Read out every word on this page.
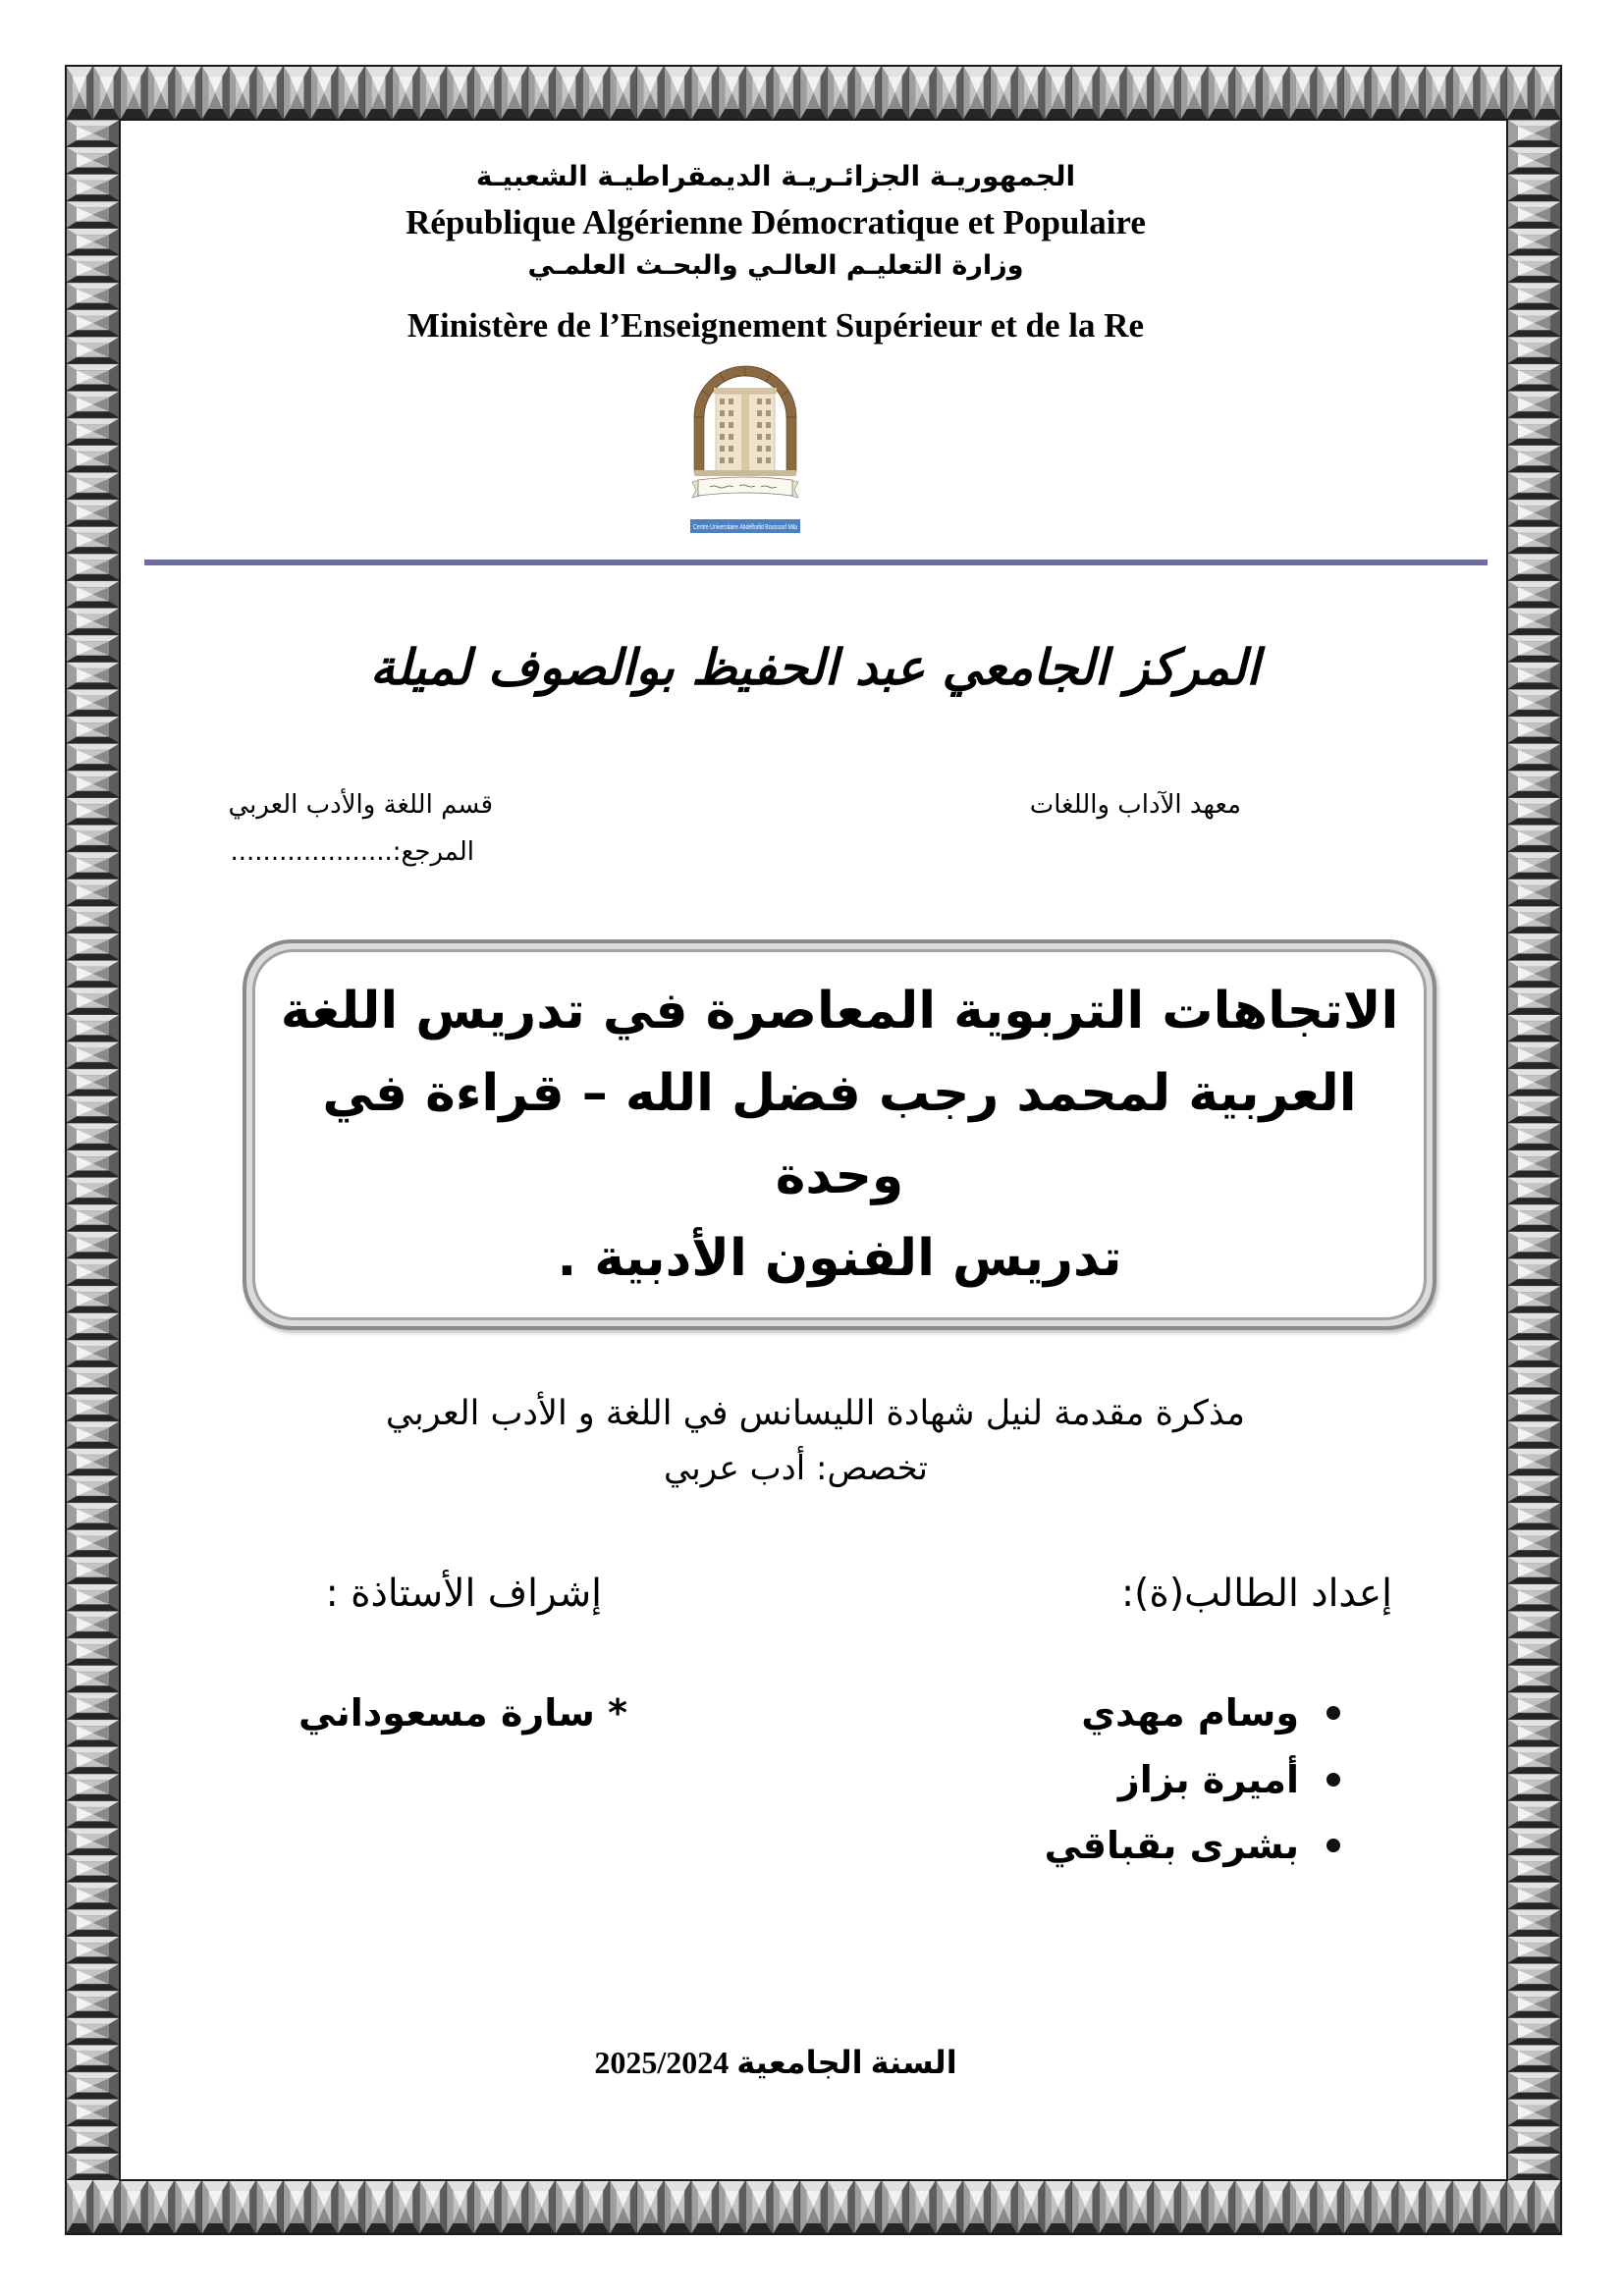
الجمهوريـة الجزائـريـة الديمقراطيـة الشعبيـة
République Algérienne Démocratique et Populaire
وزارة التعليـم العالـي والبحـث العلمـي
Ministère de l’Enseignement Supérieur et de la Re
Centre Universitaire Abdelhafid Boussouf Mila
المركز الجامعي عبد الحفيظ بوالصوف لميلة
معهد الآداب واللغات
قسم اللغة والأدب العربي
المرجع:....................
الاتجاهات التربوية المعاصرة في تدريس اللغة
العربية لمحمد رجب فضل الله – قراءة في وحدة
تدريس الفنون الأدبية .
مذكرة مقدمة لنيل شهادة الليسانس في اللغة و الأدب العربي
تخصص: أدب عربي
إعداد الطالب(ة):
إشراف الأستاذة :
وسام مهدي
أميرة بزاز
بشرى بقباقي
* سارة مسعوداني
السنة الجامعية 2025/2024
